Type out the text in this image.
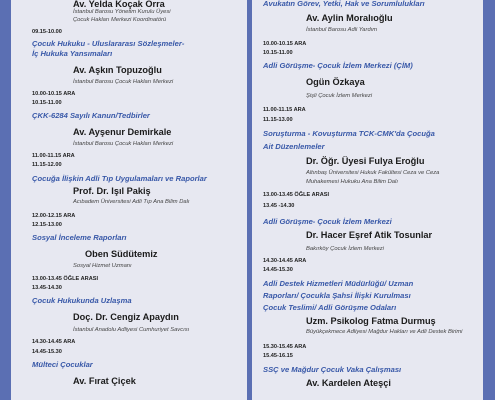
Av. Yelda Koçak Orra
İstanbul Barosu Yönetim Kurulu Üyesi
Çocuk Hakları Merkezi Koordinatörü
09.15-10.00
Çocuk Hukuku - Uluslararası Sözleşmeler-
İç Hukuka Yansımaları
Av. Aşkın Topuzoğlu
İstanbul Barosu Çocuk Hakları Merkezi
10.00-10.15 ARA
10.15-11.00
ÇKK-6284 Sayılı Kanun/Tedbirler
Av. Ayşenur Demirkale
İstanbul Barosu Çocuk Hakları Merkezi
11.00-11.15 ARA
11.15-12.00
Çocuğa İlişkin Adli Tıp Uygulamaları ve Raporlar
Prof. Dr. Işıl Pakiş
Acıbadem Üniversitesi Adli Tıp Ana Bilim Dalı
12.00-12.15 ARA
12.15-13.00
Sosyal İnceleme Raporları
Oben Südütemiz
Sosyal Hizmet Uzmanı
13.00-13.45 ÖĞLE ARASI
13.45-14.30
Çocuk Hukukunda Uzlaşma
Doç. Dr. Cengiz Apaydın
İstanbul Anadolu Adliyesi Cumhuriyet Savcısı
14.30-14.45 ARA
14.45-15.30
Mülteci Çocuklar
Av. Fırat Çiçek
Avukatın Görev, Yetki, Hak ve Sorumlulukları
Av. Aylin Moralıoğlu
İstanbul Barosu Adli Yardım
10.00-10.15 ARA
10.15-11.00
Adli Görüşme- Çocuk İzlem Merkezi (ÇİM)
Ogün Özkaya
Şişli Çocuk İzlem Merkezi
11.00-11.15 ARA
11.15-13.00
Soruşturma - Kovuşturma TCK-CMK'da Çocuğa
Ait Düzenlemeler
Dr. Öğr. Üyesi Fulya Eroğlu
Altınbaş Üniversitesi Hukuk Fakültesi Ceza ve Ceza
Muhakemesi Hukuku Ana Bilim Dalı
13.00-13.45 ÖĞLE ARASI
13.45 -14.30
Adli Görüşme- Çocuk İzlem Merkezi
Dr. Hacer Eşref Atik Tosunlar
Bakırköy Çocuk İzlem Merkezi
14.30-14.45 ARA
14.45-15.30
Adli Destek Hizmetleri Müdürlüğü/ Uzman
Raporları/ Çocukla Şahsi İlişki Kurulması
Çocuk Teslimi/ Adli Görüşme Odaları
Uzm. Psikolog Fatma Durmuş
Büyükçekmece Adliyesi Mağdur Hakları ve Adli Destek Birimi
15.30-15.45 ARA
15.45-16.15
SSÇ ve Mağdur Çocuk Vaka Çalışması
Av. Kardelen Ateşçi
